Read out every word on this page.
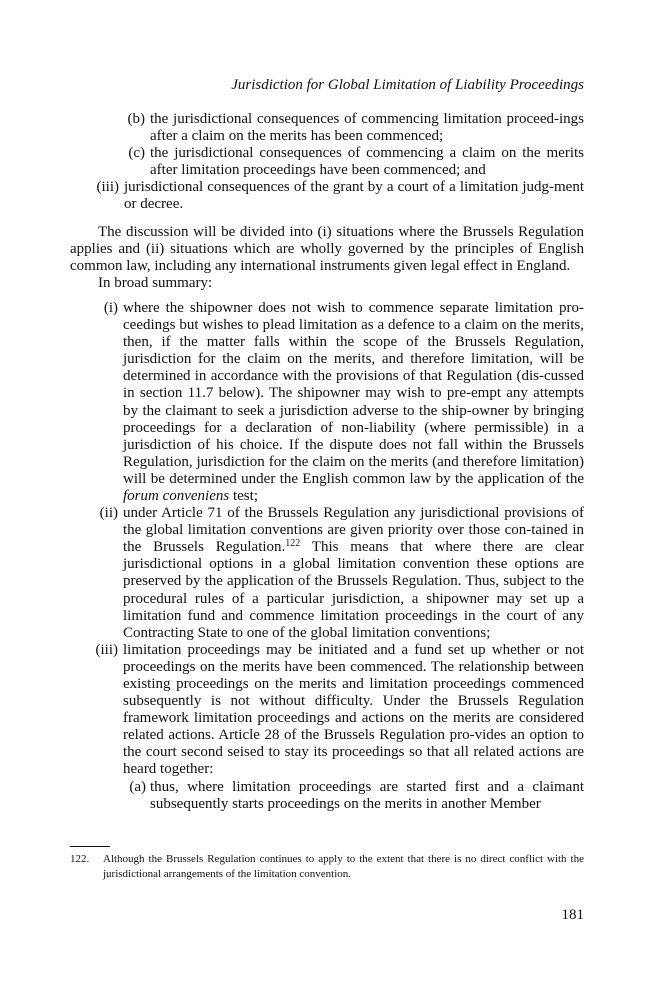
Jurisdiction for Global Limitation of Liability Proceedings
(b) the jurisdictional consequences of commencing limitation proceed-ings after a claim on the merits has been commenced;
(c) the jurisdictional consequences of commencing a claim on the merits after limitation proceedings have been commenced; and
(iii) jurisdictional consequences of the grant by a court of a limitation judg-ment or decree.

The discussion will be divided into (i) situations where the Brussels Regulation applies and (ii) situations which are wholly governed by the principles of English common law, including any international instruments given legal effect in England.

In broad summary:

(i) where the shipowner does not wish to commence separate limitation pro-ceedings but wishes to plead limitation as a defence to a claim on the merits, then, if the matter falls within the scope of the Brussels Regulation, jurisdiction for the claim on the merits, and therefore limitation, will be determined in accordance with the provisions of that Regulation (dis-cussed in section 11.7 below). The shipowner may wish to pre-empt any attempts by the claimant to seek a jurisdiction adverse to the ship-owner by bringing proceedings for a declaration of non-liability (where permissible) in a jurisdiction of his choice. If the dispute does not fall within the Brussels Regulation, jurisdiction for the claim on the merits (and therefore limitation) will be determined under the English common law by the application of the forum conveniens test;
(ii) under Article 71 of the Brussels Regulation any jurisdictional provisions of the global limitation conventions are given priority over those con-tained in the Brussels Regulation.$^{122}$ This means that where there are clear jurisdictional options in a global limitation convention these options are preserved by the application of the Brussels Regulation. Thus, subject to the procedural rules of a particular jurisdiction, a shipowner may set up a limitation fund and commence limitation proceedings in the court of any Contracting State to one of the global limitation conventions;
(iii) limitation proceedings may be initiated and a fund set up whether or not proceedings on the merits have been commenced. The relationship between existing proceedings on the merits and limitation proceedings commenced subsequently is not without difficulty. Under the Brussels Regulation framework limitation proceedings and actions on the merits are considered related actions. Article 28 of the Brussels Regulation pro-vides an option to the court second seised to stay its proceedings so that all related actions are heard together:
(a) thus, where limitation proceedings are started first and a claimant subsequently starts proceedings on the merits in another Member
122.	Although the Brussels Regulation continues to apply to the extent that there is no direct conflict with the jurisdictional arrangements of the limitation convention.
181
